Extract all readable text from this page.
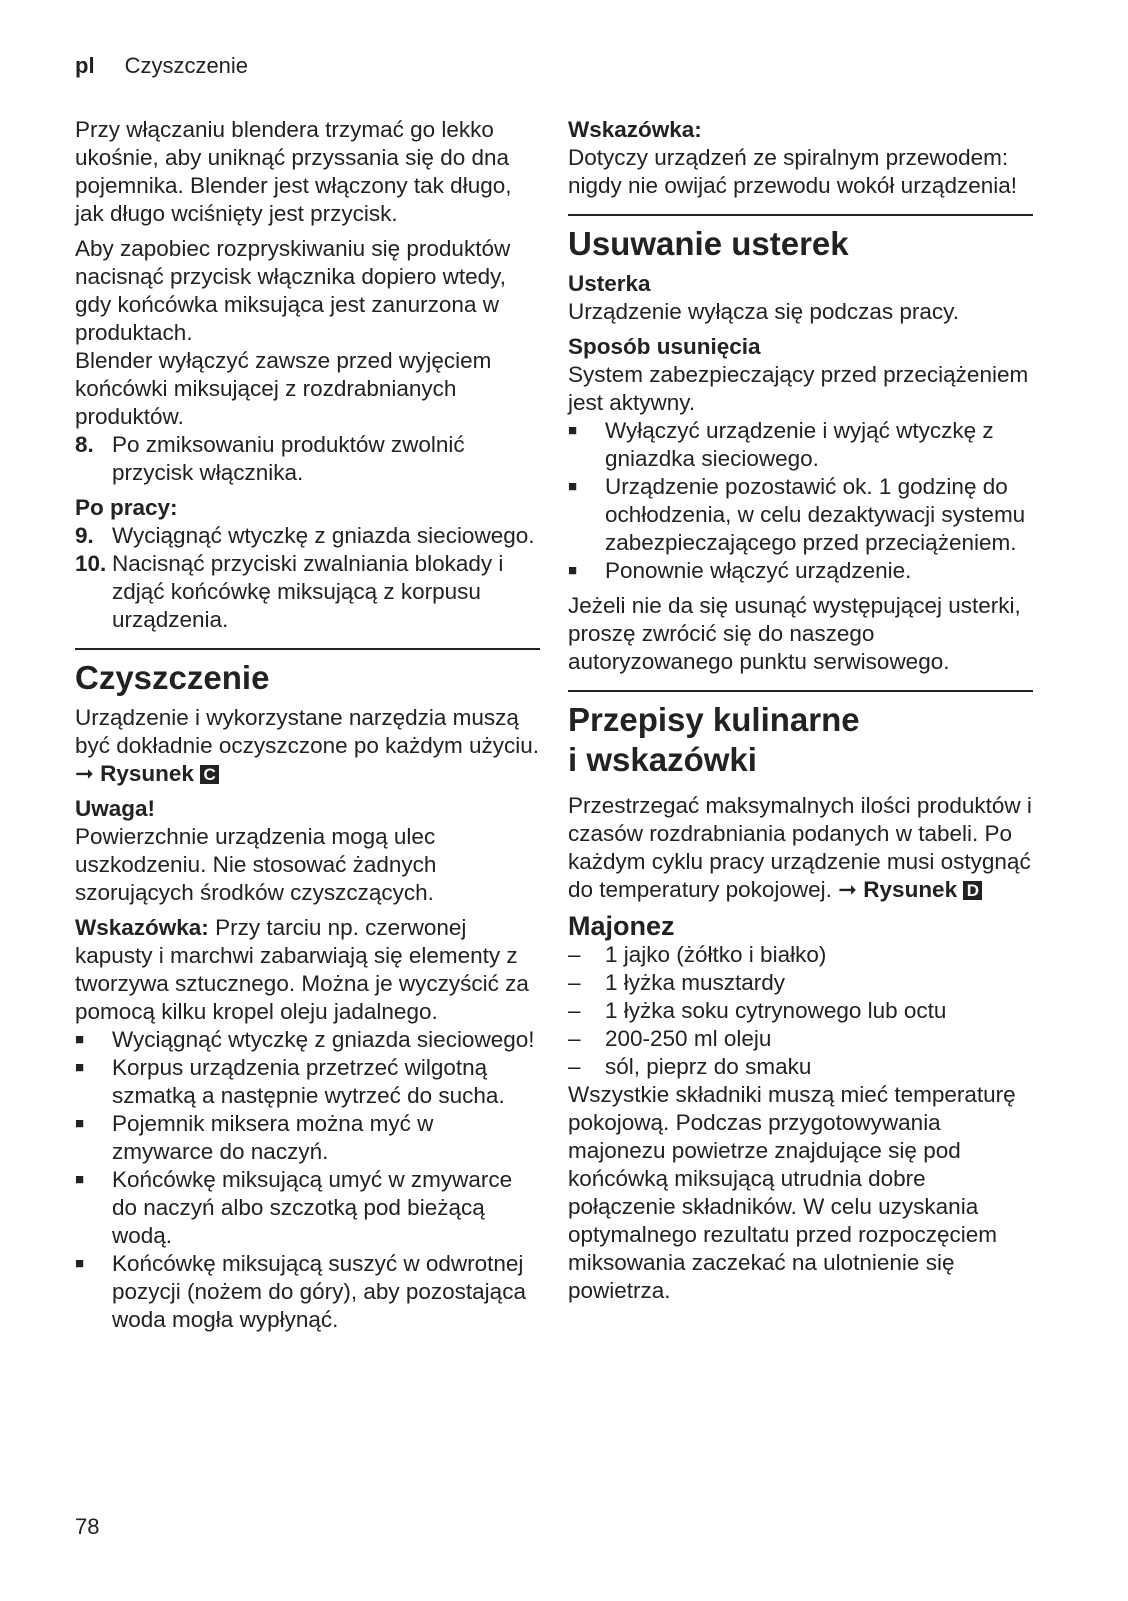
pl Czyszczenie

Przy włączaniu blendera trzymać go lekko ukośnie, aby uniknąć przyssania się do dna pojemnika. Blender jest włączony tak długo, jak długo wciśnięty jest przycisk.

Aby zapobiec rozpryskiwaniu się produktów nacisnąć przycisk włącznika dopiero wtedy, gdy końcówka miksująca jest zanurzona w produktach.

Blender wyłączyć zawsze przed wyjęciem końcówki miksującej z rozdrabnianych produktów.

8. Po zmiksowaniu produktów zwolnić przycisk włącznika.

Po pracy:

9. Wyciągnąć wtyczkę z gniazda sieciowego.
10. Nacisnąć przyciski zwalniania blokady i zdjąć końcówkę miksującą z korpusu urządzenia.
Czyszczenie

Urządzenie i wykorzystane narzędzia muszą być dokładnie oczyszczone po każdym użyciu. ➞ Rysunek C

Uwaga!

Powierzchnie urządzenia mogą ulec uszkodzeniu. Nie stosować żadnych szorujących środków czyszczących.

Wskazówka: Przy tarciu np. czerwonej kapusty i marchwi zabarwiają się elementy z tworzywa sztucznego. Można je wyczyścić za pomocą kilku kropel oleju jadalnego.

■	Wyciągnąć wtyczkę z gniazda sieciowego!
■	Korpus urządzenia przetrzeć wilgotną szmatką a następnie wytrzeć do sucha.
■	Pojemnik miksera można myć w zmywarce do naczyń.
■	Końcówkę miksującą umyć w zmywarce do naczyń albo szczotką pod bieżącą wodą.
■	Końcówkę miksującą suszyć w odwrotnej pozycji (nożem do góry), aby pozostająca woda mogła wypłynąć.

Wskazówka:

Dotyczy urządzeń ze spiralnym przewodem: nigdy nie owijać przewodu wokół urządzenia!

Usuwanie usterek

Usterka

Urządzenie wyłącza się podczas pracy.

Sposób usunięcia

System zabezpieczający przed przeciążeniem jest aktywny.

■	Wyłączyć urządzenie i wyjąć wtyczkę z gniazdka sieciowego.
■	Urządzenie pozostawić ok. 1 godzinę do ochłodzenia, w celu dezaktywacji systemu zabezpieczającego przed przeciążeniem.
■	Ponownie włączyć urządzenie.

Jeżeli nie da się usunąć występującej usterki, proszę zwrócić się do naszego autoryzowanego punktu serwisowego.

Przepisy kulinarne
i wskazówki

Przestrzegać maksymalnych ilości produktów i czasów rozdrabniania podanych w tabeli. Po każdym cyklu pracy urządzenie musi ostygnąć do temperatury pokojowej. ➞ Rysunek D

Majonez
–	1 jajko (żółtko i białko)
–	1 łyżka musztardy
–	1 łyżka soku cytrynowego lub octu
–	200-250 ml oleju
–	sól, pieprz do smaku

Wszystkie składniki muszą mieć temperaturę pokojową. Podczas przygotowywania majonezu powietrze znajdujące się pod końcówką miksującą utrudnia dobre połączenie składników. W celu uzyskania optymalnego rezultatu przed rozpoczęciem miksowania zaczekać na ulotnienie się powietrza.

78
